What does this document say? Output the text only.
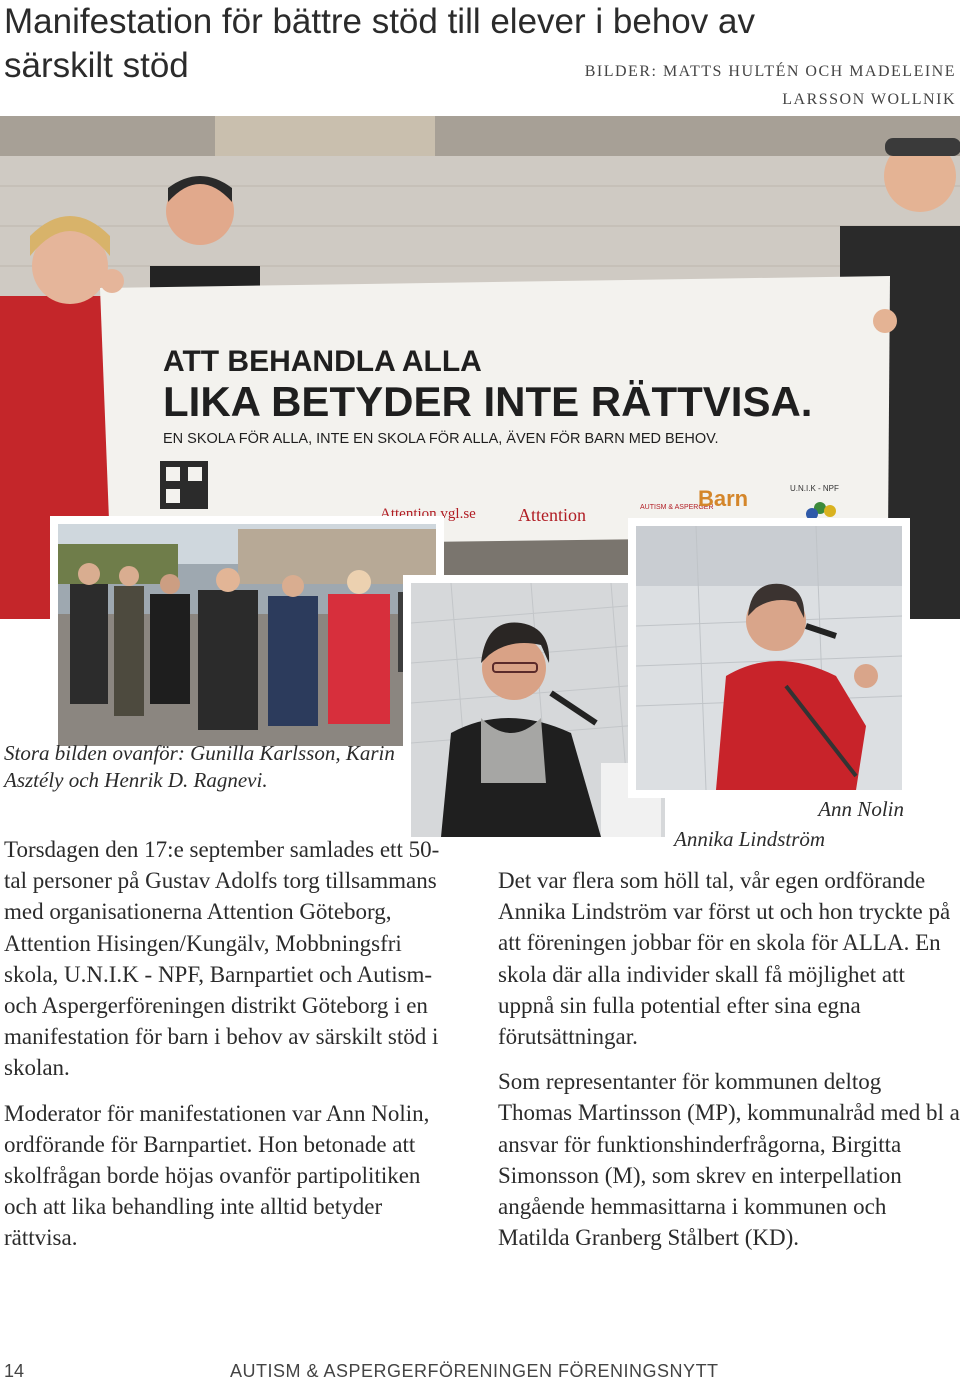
Manifestation för bättre stöd till elever i behov av särskilt stöd	BILDER: MATTS HULTÉN OCH MADELEINE LARSSON WOLLNIK
ATT BEHANDLA ALLA
LIKA BETYDER INTE RÄTTVISA.
EN SKOLA FÖR ALLA, INTE EN SKOLA FÖR ALLA, ÄVEN FÖR BARN MED BEHOV.
Attention.vgl.se Attention	AUTISM & ASPERGER
Barn	U.N.I.K - NPF

Stora bilden ovanför: Gunilla Karlsson, Karin Asztély och Henrik D. Ragnevi.

Ann Nolin

Annika Lindström

Torsdagen den 17:e september samlades ett 50-tal personer på Gustav Adolfs torg tillsammans med organisationerna Attention Göteborg, Attention Hisingen/Kungälv, Mobbningsfri skola, U.N.I.K - NPF, Barnpartiet och Autism- och Aspergerföreningen distrikt Göteborg i en manifestation för barn i behov av särskilt stöd i skolan.

Moderator för manifestationen var Ann Nolin, ordförande för Barnpartiet. Hon betonade att skolfrågan borde höjas ovanför partipolitiken och att lika behandling inte alltid betyder rättvisa.

Det var flera som höll tal, vår egen ordförande Annika Lindström var först ut och hon tryckte på att föreningen jobbar för en skola för ALLA. En skola där alla individer skall få möjlighet att uppnå sin fulla potential efter sina egna förutsättningar.

Som representanter för kommunen deltog Thomas Martinsson (MP), kommunalråd med bl a ansvar för funktionshinderfrågorna, Birgitta Simonsson (M), som skrev en interpellation angående hemmasittarna i kommunen och Matilda Granberg Stålbert (KD).

14	AUTISM & ASPERGERFÖRENINGEN FÖRENINGSNYTT
